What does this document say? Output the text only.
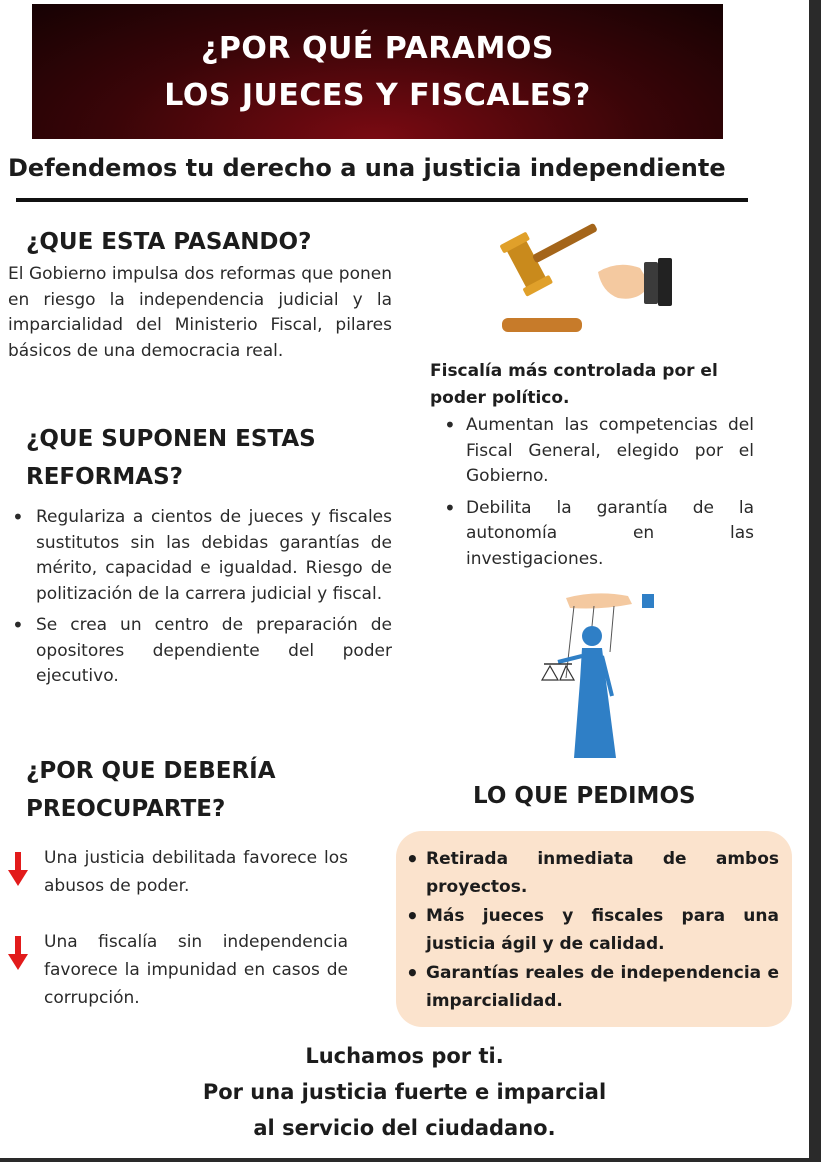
¿POR QUÉ PARAMOS
LOS JUECES Y FISCALES?
Defendemos tu derecho a una justicia independiente
¿QUE ESTA PASANDO?

El Gobierno impulsa dos reformas que ponen en riesgo la independencia judicial y la imparcialidad del Ministerio Fiscal, pilares básicos de una democracia real.

¿QUE SUPONEN ESTAS
REFORMAS?
• Regulariza a cientos de jueces y fiscales sustitutos sin las debidas garantías de mérito, capacidad e igualdad. Riesgo de politización de la carrera judicial y fiscal.
• Se crea un centro de preparación de opositores dependiente del poder ejecutivo.
¿POR QUE DEBERÍA
PREOCUPARTE?
Una justicia debilitada favorece los abusos de poder.
Una fiscalía sin independencia favorece la impunidad en casos de corrupción.
Fiscalía más controlada por el poder político.
• Aumentan las competencias del Fiscal General, elegido por el Gobierno.
• Debilita la garantía de la autonomía en las investigaciones.
LO QUE PEDIMOS
• Retirada inmediata de ambos proyectos.
• Más jueces y fiscales para una justicia ágil y de calidad.
• Garantías reales de independencia e imparcialidad.
Luchamos por ti.
Por una justicia fuerte e imparcial
al servicio del ciudadano.
